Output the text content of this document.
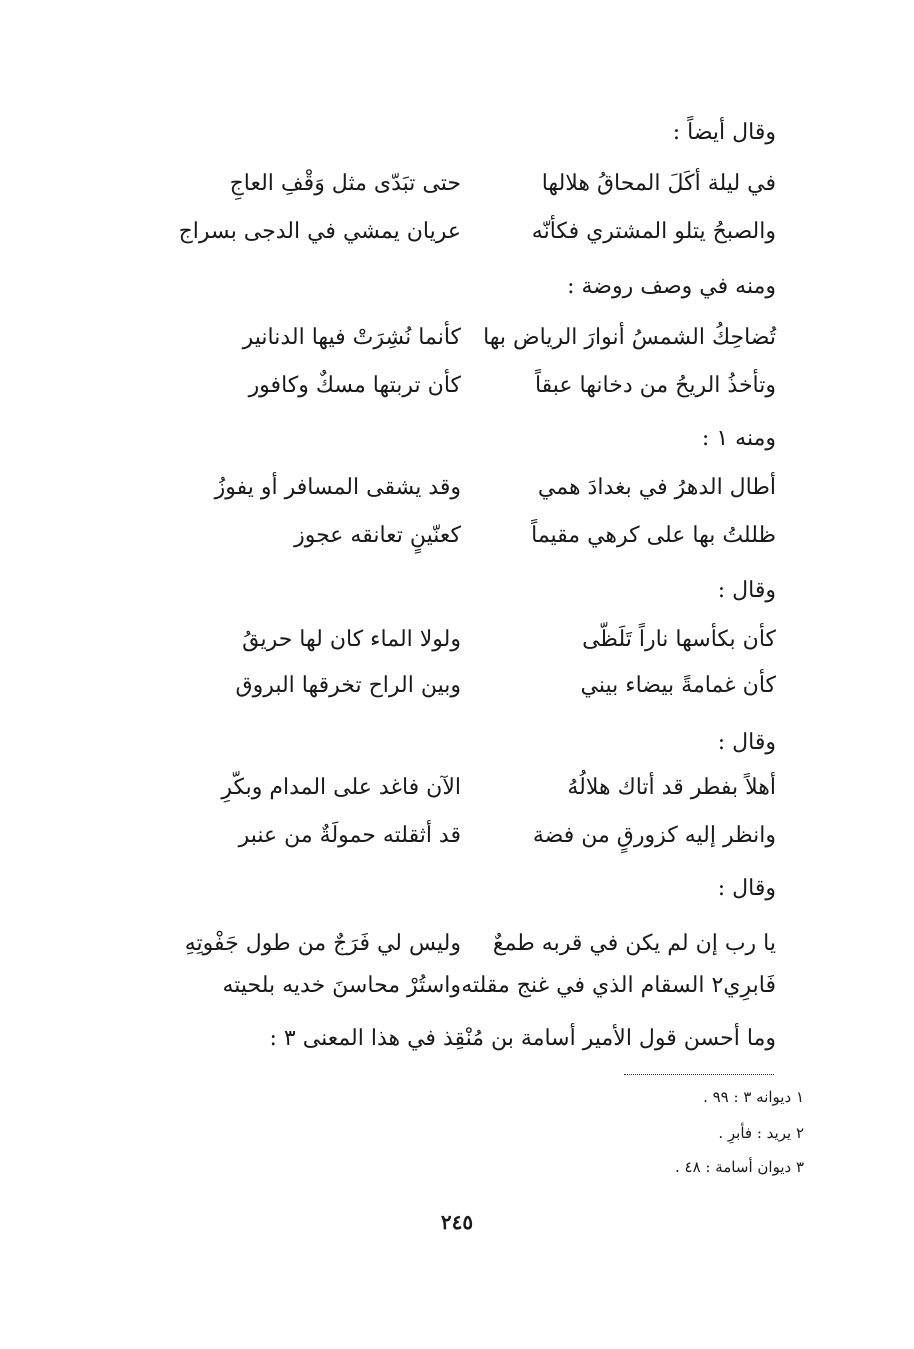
وقال أيضاً :
في ليلة أكَلَ المحاقُ هلالها
حتى تبَدّى مثل وَقْفِ العاجِ
والصبحُ يتلو المشتري فكأنّه
عريان يمشي في الدجى بسراج
ومنه في وصف روضة :
تُضاحِكُ الشمسُ أنوارَ الرياض بها
كأنما نُشِرَتْ فيها الدنانير
وتأخذُ الريحُ من دخانها عبقاً
كأن تربتها مسكٌ وكافور
ومنه ١ :
أطال الدهرُ في بغدادَ همي
وقد يشقى المسافر أو يفوزُ
ظللتُ بها على كرهي مقيماً
كعنّينٍ تعانقه عجوز
وقال :
كأن بكأسها ناراً تَلَظّى
ولولا الماء كان لها حريقُ
كأن غمامةً بيضاء بيني
وبين الراح تخرقها البروق
وقال :
أهلاً بفطر قد أتاك هلالُهُ
الآن فاغد على المدام وبكّرِ
وانظر إليه كزورقٍ من فضة
قد أثقلته حمولَةٌ من عنبر
وقال :
يا رب إن لم يكن في قربه طمعٌ
وليس لي فَرَجٌ من طول جَفْوتِهِ
فَابرِي٢ السقام الذي في غنج مقلته
واستُرْ محاسنَ خديه بلحيته
وما أحسن قول الأمير أسامة بن مُنْقِذ في هذا المعنى ٣ :
١ ديوانه ٣ : ٩٩ .
٢ يريد : فأبرِ .
٣ ديوان أسامة : ٤٨ .
٢٤٥
